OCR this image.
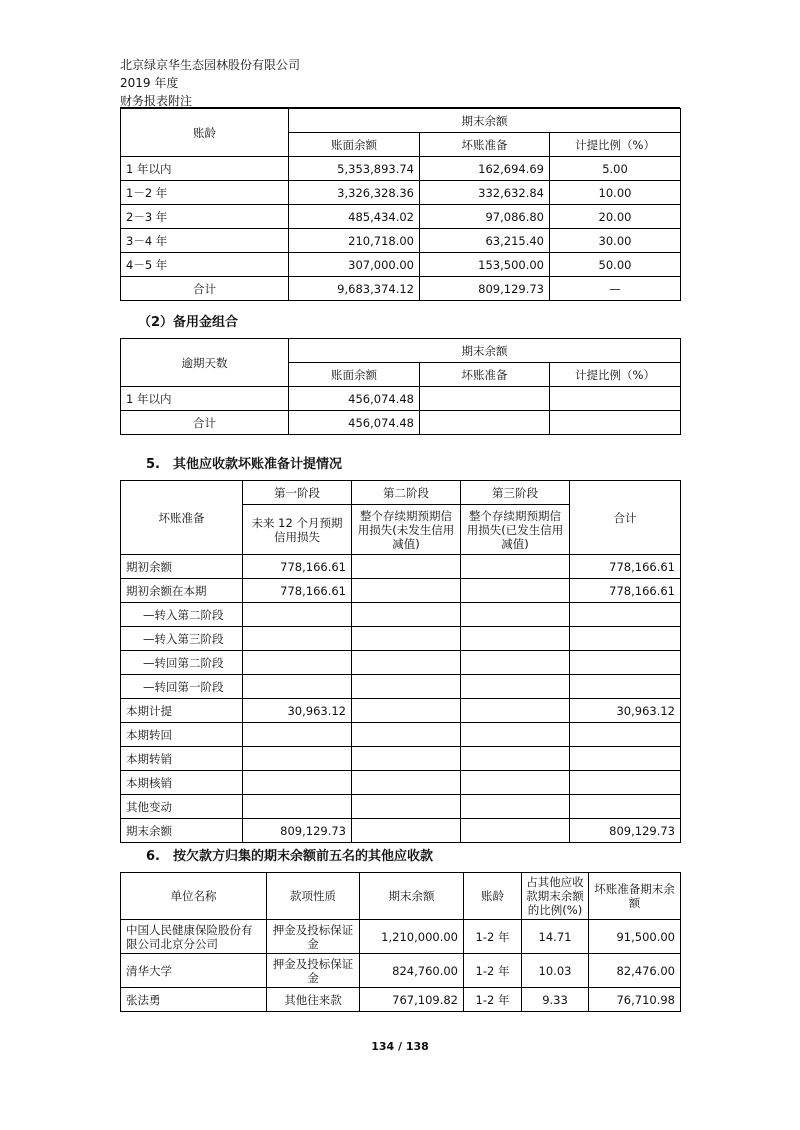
北京绿京华生态园林股份有限公司
2019 年度
财务报表附注
账龄	期末余额		
	账面余额	坏账准备	计提比例（%）
1 年以内	5,353,893.74	162,694.69	5.00
1－2 年	3,326,328.36	332,632.84	10.00
2－3 年	485,434.02	97,086.80	20.00
3－4 年	210,718.00	63,215.40	30.00
4－5 年	307,000.00	153,500.00	50.00
合计	9,683,374.12	809,129.73	—
（2）备用金组合
逾期天数	期末余额		
	账面余额	坏账准备	计提比例（%）
1 年以内	456,074.48		
合计	456,074.48		
5.　其他应收款坏账准备计提情况
坏账准备	第一阶段	第二阶段	第三阶段	合计
	未来 12 个月预期信用损失	整个存续期预期信用损失(未发生信用减值)	整个存续期预期信用损失(已发生信用减值)	
期初余额	778,166.61			778,166.61
期初余额在本期	778,166.61			778,166.61
—转入第二阶段				
—转入第三阶段				
—转回第二阶段				
—转回第一阶段				
本期计提	30,963.12			30,963.12
本期转回				
本期转销				
本期核销				
其他变动				
期末余额	809,129.73			809,129.73
6.　按欠款方归集的期末余额前五名的其他应收款
单位名称	款项性质	期末余额	账龄	占其他应收款期末余额的比例(%)	坏账准备期末余额
中国人民健康保险股份有限公司北京分公司	押金及投标保证金	1,210,000.00	1-2 年	14.71	91,500.00
清华大学	押金及投标保证金	824,760.00	1-2 年	10.03	82,476.00
张法勇	其他往来款	767,109.82	1-2 年	9.33	76,710.98
134 / 138
